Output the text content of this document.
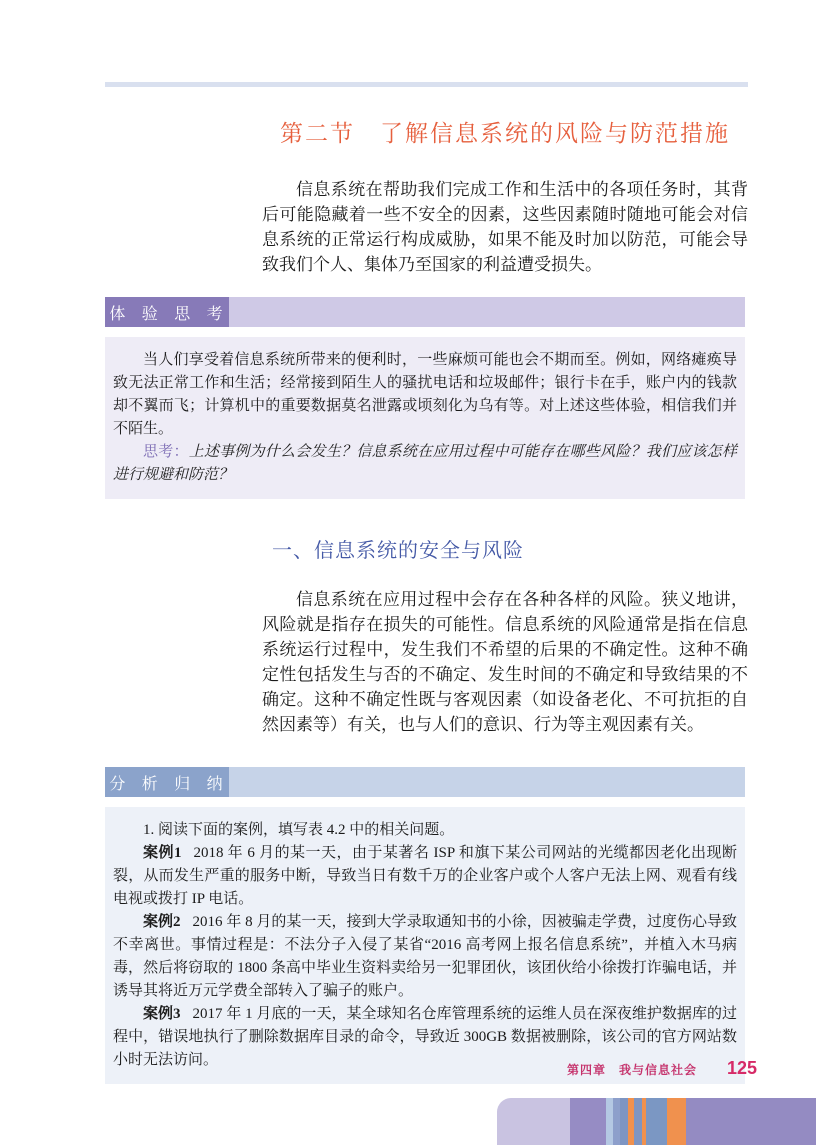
第二节　了解信息系统的风险与防范措施

信息系统在帮助我们完成工作和生活中的各项任务时，其背后可能隐藏着一些不安全的因素，这些因素随时随地可能会对信息系统的正常运行构成威胁，如果不能及时加以防范，可能会导致我们个人、集体乃至国家的利益遭受损失。

体 验 思 考

当人们享受着信息系统所带来的便利时，一些麻烦可能也会不期而至。例如，网络瘫痪导致无法正常工作和生活；经常接到陌生人的骚扰电话和垃圾邮件；银行卡在手，账户内的钱款却不翼而飞；计算机中的重要数据莫名泄露或顷刻化为乌有等。对上述这些体验，相信我们并不陌生。

思考：上述事例为什么会发生？信息系统在应用过程中可能存在哪些风险？我们应该怎样进行规避和防范？

一、信息系统的安全与风险

信息系统在应用过程中会存在各种各样的风险。狭义地讲，风险就是指存在损失的可能性。信息系统的风险通常是指在信息系统运行过程中，发生我们不希望的后果的不确定性。这种不确定性包括发生与否的不确定、发生时间的不确定和导致结果的不确定。这种不确定性既与客观因素（如设备老化、不可抗拒的自然因素等）有关，也与人们的意识、行为等主观因素有关。

分 析 归 纳

1. 阅读下面的案例，填写表 4.2 中的相关问题。

案例1 2018 年 6 月的某一天，由于某著名 ISP 和旗下某公司网站的光缆都因老化出现断裂，从而发生严重的服务中断，导致当日有数千万的企业客户或个人客户无法上网、观看有线电视或拨打 IP 电话。

案例2 2016 年 8 月的某一天，接到大学录取通知书的小徐，因被骗走学费，过度伤心导致不幸离世。事情过程是：不法分子入侵了某省“2016 高考网上报名信息系统”，并植入木马病毒，然后将窃取的 1800 条高中毕业生资料卖给另一犯罪团伙，该团伙给小徐拨打诈骗电话，并诱导其将近万元学费全部转入了骗子的账户。

案例3 2017 年 1 月底的一天，某全球知名仓库管理系统的运维人员在深夜维护数据库的过程中，错误地执行了删除数据库目录的命令，导致近 300GB 数据被删除，该公司的官方网站数小时无法访问。

第四章　我与信息社会 125
